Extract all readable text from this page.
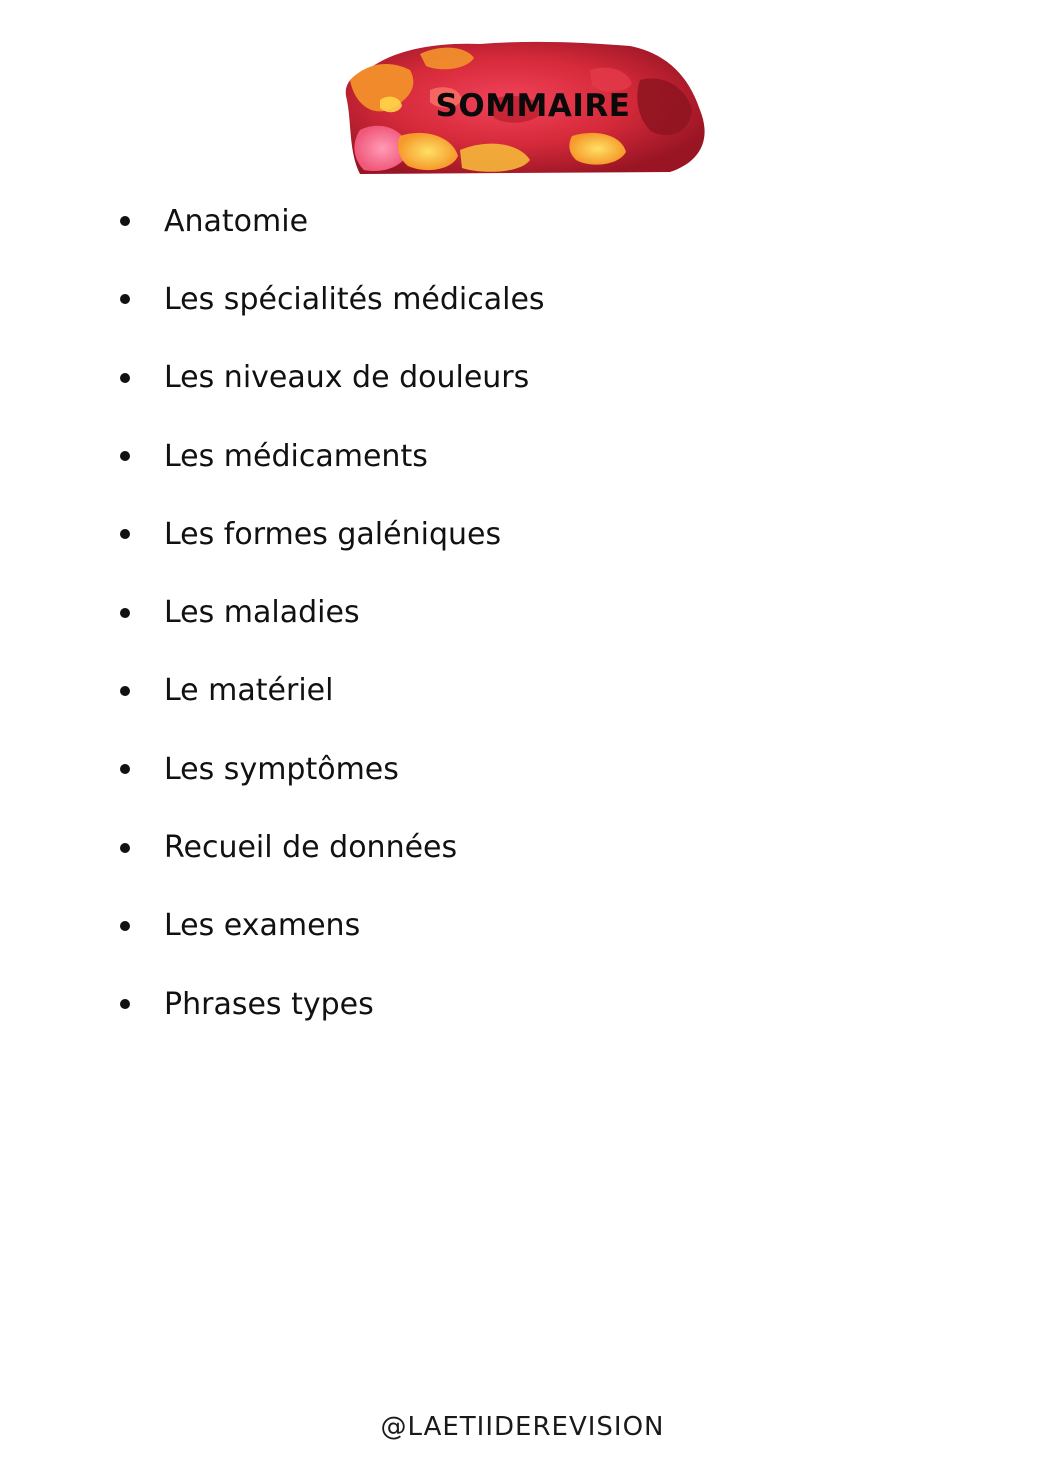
SOMMAIRE
Anatomie
Les spécialités médicales
Les niveaux de douleurs
Les médicaments
Les formes galéniques
Les maladies
Le matériel
Les symptômes
Recueil de données
Les examens
Phrases types
@LAETIIDEREVISION
